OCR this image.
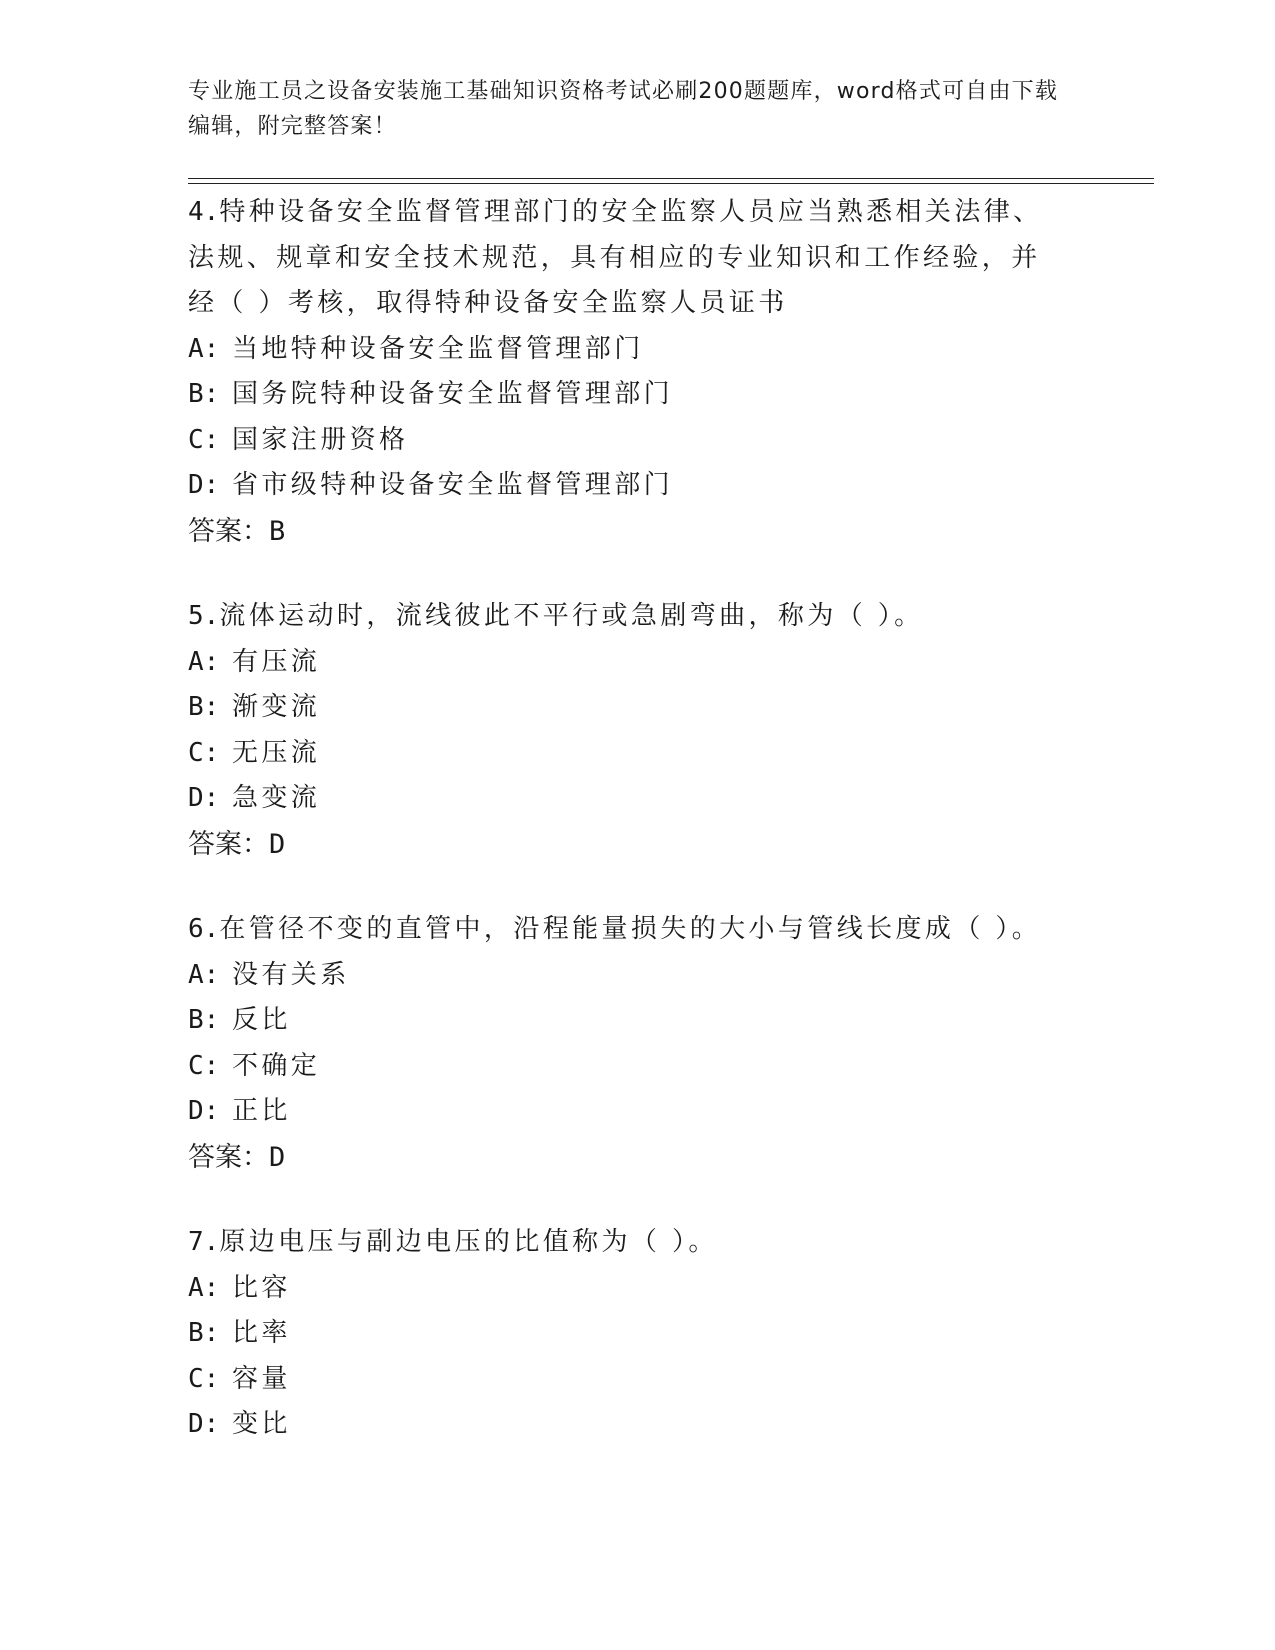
专业施工员之设备安装施工基础知识资格考试必刷200题题库，word格式可自由下载编辑，附完整答案！

4.特种设备安全监督管理部门的安全监察人员应当熟悉相关法律、法规、规章和安全技术规范，具有相应的专业知识和工作经验，并经（ ）考核，取得特种设备安全监察人员证书

A: 当地特种设备安全监督管理部门

B: 国务院特种设备安全监督管理部门

C: 国家注册资格

D: 省市级特种设备安全监督管理部门

答案：B

5.流体运动时，流线彼此不平行或急剧弯曲，称为（ ）。

A: 有压流

B: 渐变流

C: 无压流

D: 急变流

答案：D

6.在管径不变的直管中，沿程能量损失的大小与管线长度成（ ）。

A: 没有关系

B: 反比

C: 不确定

D: 正比

答案：D

7.原边电压与副边电压的比值称为（ ）。

A: 比容

B: 比率

C: 容量

D: 变比
